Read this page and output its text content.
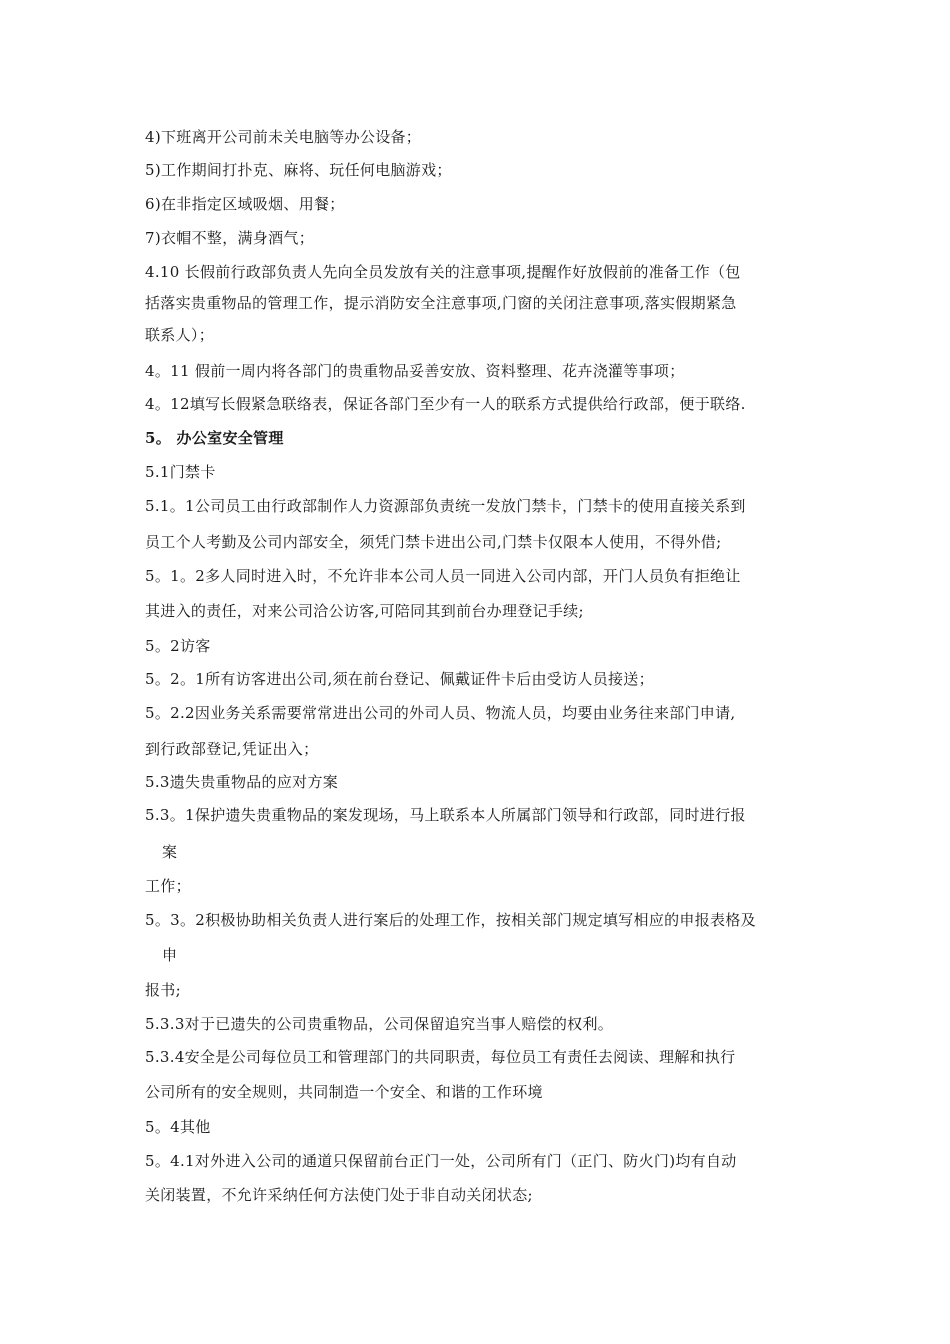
4)下班离开公司前未关电脑等办公设备；
5)工作期间打扑克、麻将、玩任何电脑游戏；
6)在非指定区域吸烟、用餐；
7)衣帽不整，满身酒气；
4.10 长假前行政部负责人先向全员发放有关的注意事项,提醒作好放假前的准备工作（包
括落实贵重物品的管理工作，提示消防安全注意事项,门窗的关闭注意事项,落实假期紧急
联系人）；
4。11 假前一周内将各部门的贵重物品妥善安放、资料整理、花卉浇灌等事项；
4。12填写长假紧急联络表，保证各部门至少有一人的联系方式提供给行政部，便于联络.
5。 办公室安全管理
5.1门禁卡
5.1。1公司员工由行政部制作人力资源部负责统一发放门禁卡，门禁卡的使用直接关系到
员工个人考勤及公司内部安全，须凭门禁卡进出公司,门禁卡仅限本人使用，不得外借;
5。1。2多人同时进入时，不允许非本公司人员一同进入公司内部，开门人员负有拒绝让
其进入的责任，对来公司洽公访客,可陪同其到前台办理登记手续;
5。2访客
5。2。1所有访客进出公司,须在前台登记、佩戴证件卡后由受访人员接送；
5。2.2因业务关系需要常常进出公司的外司人员、物流人员，均要由业务往来部门申请,
到行政部登记,凭证出入；
5.3遗失贵重物品的应对方案
5.3。1保护遗失贵重物品的案发现场，马上联系本人所属部门领导和行政部，同时进行报
案
工作；
5。3。2积极协助相关负责人进行案后的处理工作，按相关部门规定填写相应的申报表格及
申
报书;
5.3.3对于已遗失的公司贵重物品，公司保留追究当事人赔偿的权利。
5.3.4安全是公司每位员工和管理部门的共同职责，每位员工有责任去阅读、理解和执行
公司所有的安全规则，共同制造一个安全、和谐的工作环境
5。4其他
5。4.1对外进入公司的通道只保留前台正门一处，公司所有门（正门、防火门)均有自动
关闭装置，不允许采纳任何方法使门处于非自动关闭状态;
